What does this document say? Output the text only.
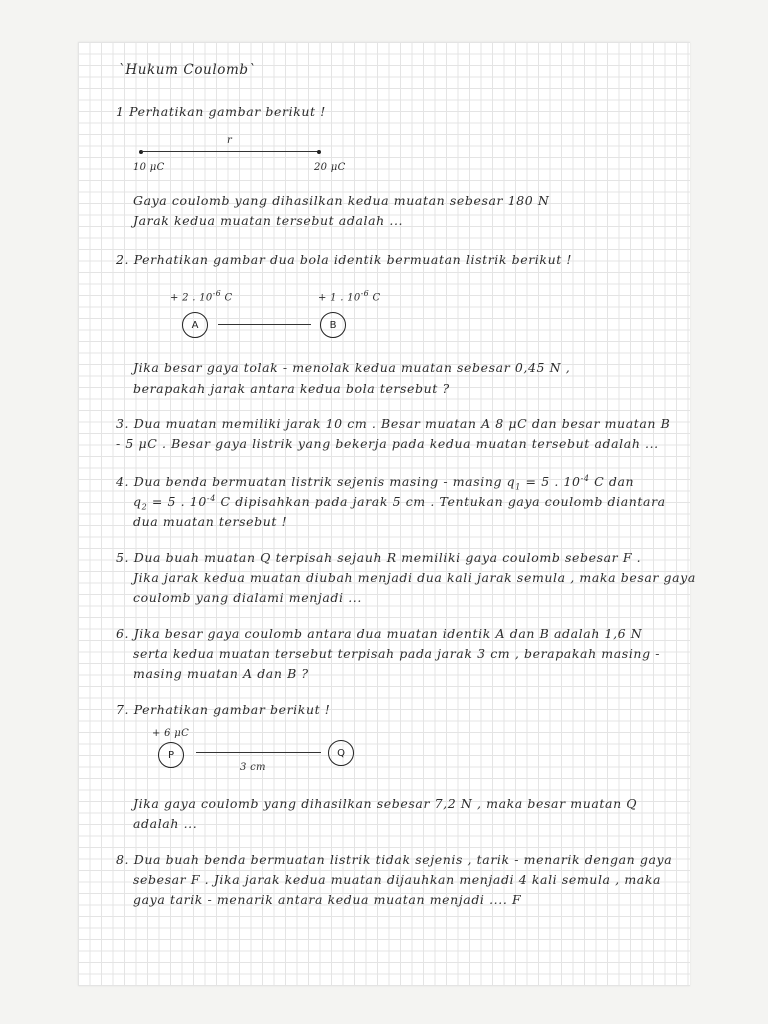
`Hukum Coulomb`
1 Perhatikan gambar berikut !
r
10 μC	20 μC
Gaya coulomb yang dihasilkan kedua muatan sebesar 180 N
Jarak kedua muatan tersebut adalah ...
2. Perhatikan gambar dua bola identik bermuatan listrik berikut !
+ 2 . $10^{-6}$ C	+ 1 . $10^{-6}$ C
A	B
Jika besar gaya tolak - menolak kedua muatan sebesar 0,45 N ,
berapakah jarak antara kedua bola tersebut ?
3. Dua muatan memiliki jarak 10 cm . Besar muatan A 8 μC dan besar muatan B
- 5 μC . Besar gaya listrik yang bekerja pada kedua muatan tersebut adalah ...
4. Dua benda bermuatan listrik sejenis masing - masing $q_1 = 5$ . $10^{-4}$ C dan
$q_2 = 5$ . $10^{-4}$ C dipisahkan pada jarak 5 cm . Tentukan gaya coulomb diantara
dua muatan tersebut !
5. Dua buah muatan Q terpisah sejauh R memiliki gaya coulomb sebesar F .
Jika jarak kedua muatan diubah menjadi dua kali jarak semula , maka besar gaya
coulomb yang dialami menjadi ...
6. Jika besar gaya coulomb antara dua muatan identik A dan B adalah 1,6 N
serta kedua muatan tersebut terpisah pada jarak 3 cm , berapakah masing -
masing muatan A dan B ?
7. Perhatikan gambar berikut !
+ 6 μC
P	Q
3 cm
Jika gaya coulomb yang dihasilkan sebesar 7,2 N , maka besar muatan Q
adalah ...
8. Dua buah benda bermuatan listrik tidak sejenis , tarik - menarik dengan gaya
sebesar F . Jika jarak kedua muatan dijauhkan menjadi 4 kali semula , maka
gaya tarik - menarik antara kedua muatan menjadi .... F
